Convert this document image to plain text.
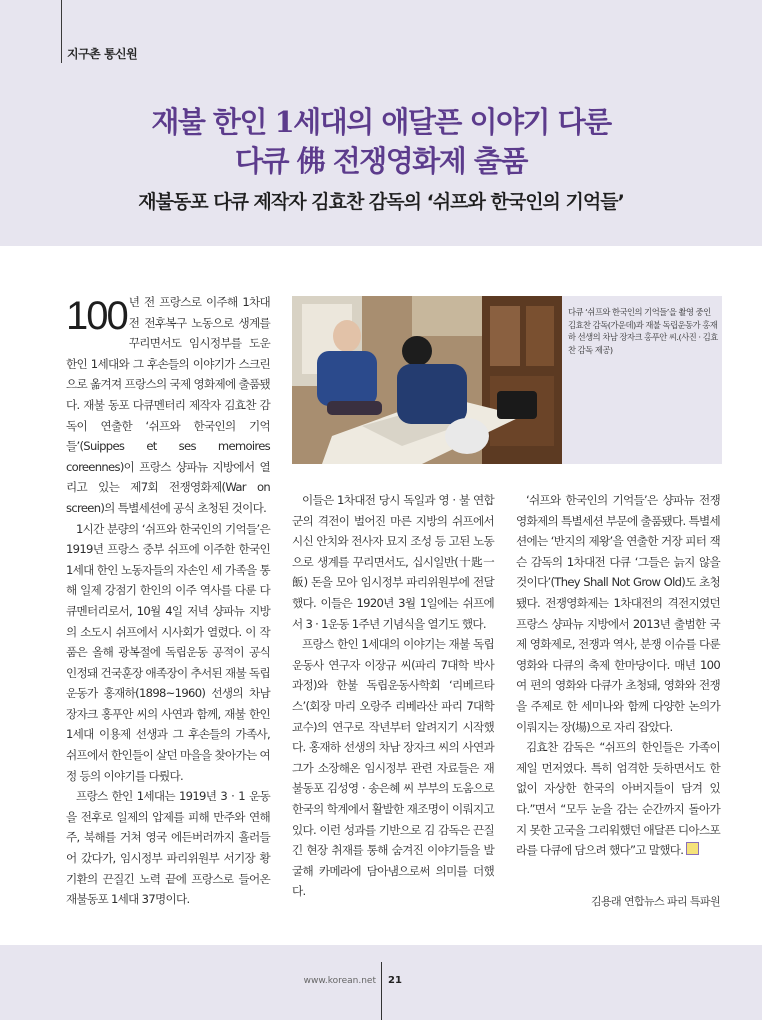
지구촌 통신원
재불 한인 1세대의 애달픈 이야기 다룬
다큐 佛 전쟁영화제 출품
재불동포 다큐 제작자 김효찬 감독의 ‘쉬프와 한국인의 기억들’

100 년 전 프랑스로 이주해 1차대전 전후복구 노동으로 생계를 꾸리면서도 임시정부를 도운 한인 1세대와 그 후손들의 이야기가 스크린으로 옮겨져 프랑스의 국제 영화제에 출품됐다. 재불 동포 다큐멘터리 제작자 김효찬 감독이 연출한 ‘쉬프와 한국인의 기억들’(Suippes et ses memoires coreennes)이 프랑스 샹파뉴 지방에서 열리고 있는 제7회 전쟁영화제(War on screen)의 특별세션에 공식 초청된 것이다.

1시간 분량의 ‘쉬프와 한국인의 기억들’은 1919년 프랑스 중부 쉬프에 이주한 한국인 1세대 한인 노동자들의 자손인 세 가족을 통해 일제 강점기 한인의 이주 역사를 다룬 다큐멘터리로서, 10월 4일 저녁 샹파뉴 지방의 소도시 쉬프에서 시사회가 열렸다. 이 작품은 올해 광복절에 독립운동 공적이 공식 인정돼 건국훈장 애족장이 추서된 재불 독립운동가 홍재하(1898~1960) 선생의 차남 장자크 홍푸안 씨의 사연과 함께, 재불 한인 1세대 이용제 선생과 그 후손들의 가족사, 쉬프에서 한인들이 살던 마을을 찾아가는 여정 등의 이야기를 다뤘다.

프랑스 한인 1세대는 1919년 3 · 1 운동을 전후로 일제의 압제를 피해 만주와 연해주, 북해를 거쳐 영국 에든버러까지 흘러들어 갔다가, 임시정부 파리위원부 서기장 황기환의 끈질긴 노력 끝에 프랑스로 들어온 재불동포 1세대 37명이다.

다큐 ‘쉬프와 한국인의 기억들’을 촬영 중인 김효찬 감독(가운데)과 재불 독립운동가 홍재하 선생의 차남 장자크 홍푸안 씨.(사진 · 김효찬 감독 제공)

이들은 1차대전 당시 독일과 영 · 불 연합군의 격전이 벌어진 마른 지방의 쉬프에서 시신 안치와 전사자 묘지 조성 등 고된 노동으로 생계를 꾸리면서도, 십시일반(十匙一飯) 돈을 모아 임시정부 파리위원부에 전달했다. 이들은 1920년 3월 1일에는 쉬프에서 3 · 1운동 1주년 기념식을 열기도 했다.

프랑스 한인 1세대의 이야기는 재불 독립운동사 연구자 이장규 씨(파리 7대학 박사과정)와 한불 독립운동사학회 ‘리베르타스’(회장 마리 오랑주 리베라산 파리 7대학 교수)의 연구로 작년부터 알려지기 시작했다. 홍재하 선생의 차남 장자크 씨의 사연과 그가 소장해온 임시정부 관련 자료들은 재불동포 김성영 · 송은혜 씨 부부의 도움으로 한국의 학계에서 활발한 재조명이 이뤄지고 있다. 이런 성과를 기반으로 김 감독은 끈질긴 현장 취재를 통해 숨겨진 이야기들을 발굴해 카메라에 담아냄으로써 의미를 더했다.

‘쉬프와 한국인의 기억들’은 샹파뉴 전쟁영화제의 특별세션 부문에 출품됐다. 특별세션에는 ‘반지의 제왕’을 연출한 거장 피터 잭슨 감독의 1차대전 다큐 ‘그들은 늙지 않을 것이다’(They Shall Not Grow Old)도 초청됐다. 전쟁영화제는 1차대전의 격전지였던 프랑스 샹파뉴 지방에서 2013년 출범한 국제 영화제로, 전쟁과 역사, 분쟁 이슈를 다룬 영화와 다큐의 축제 한마당이다. 매년 100여 편의 영화와 다큐가 초청돼, 영화와 전쟁을 주제로 한 세미나와 함께 다양한 논의가 이뤄지는 장(場)으로 자리 잡았다.

김효찬 감독은 “쉬프의 한인들은 가족이 제일 먼저였다. 특히 엄격한 듯하면서도 한없이 자상한 한국의 아버지들이 담겨 있다.”면서 “모두 눈을 감는 순간까지 돌아가지 못한 고국을 그리워했던 애달픈 디아스포라를 다큐에 담으려 했다”고 말했다.

김용래 연합뉴스 파리 특파원
www.korean.net 21
